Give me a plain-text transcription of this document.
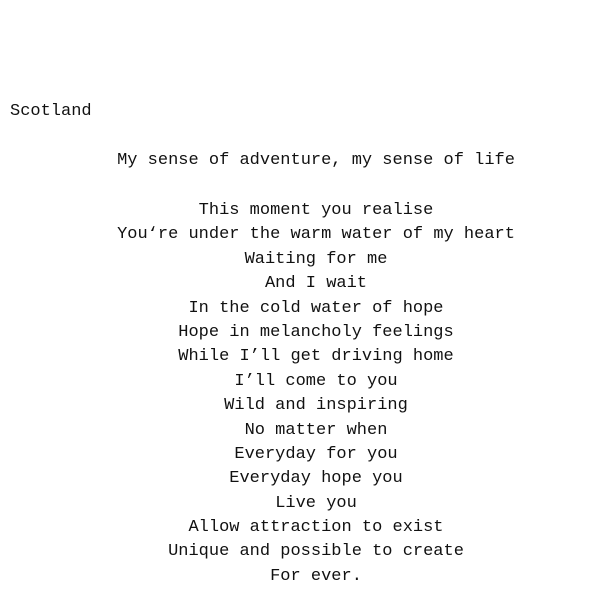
Scotland
My sense of adventure, my sense of life
This moment you realise
You‘re under the warm water of my heart
Waiting for me
And I wait
In the cold water of hope
Hope in melancholy feelings
While I’ll get driving home
I’ll come to you
Wild and inspiring
No matter when
Everyday for you
Everyday hope you
Live you
Allow attraction to exist
Unique and possible to create
For ever.
